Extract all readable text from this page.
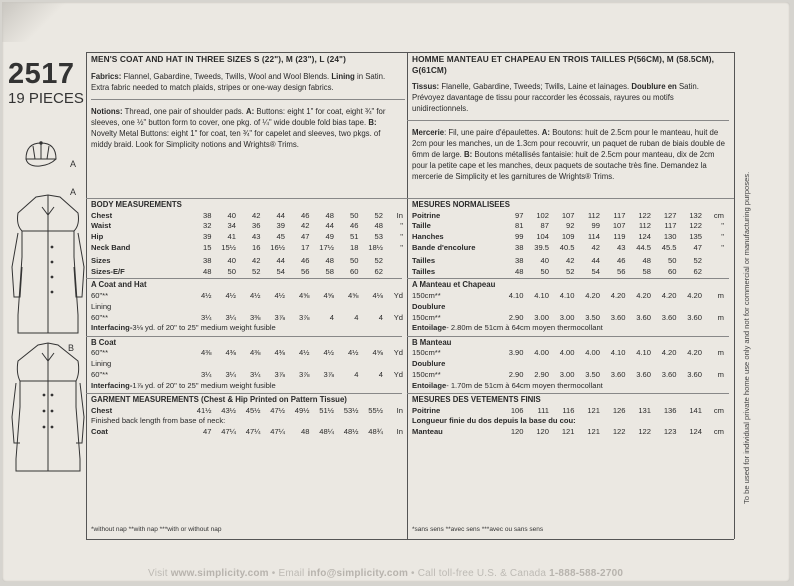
2517
19 PIECES
A
A
B
MEN'S COAT AND HAT IN THREE SIZES S (22"), M (23"), L (24")
Fabrics: Flannel, Gabardine, Tweeds, Twills, Wool and Wool Blends. Lining in Satin. Extra fabric needed to match plaids, stripes or one-way design fabrics.
Notions: Thread, one pair of shoulder pads. A: Buttons: eight 1" for coat, eight ¾" for sleeves, one ½" button form to cover, one pkg. of ¼" wide double fold bias tape. B: Novelty Metal Buttons: eight 1" for coat, ten ¾" for capelet and sleeves, two pkgs. of middy braid. Look for Simplicity notions and Wrights® Trims.
BODY MEASUREMENTS
Chest	38	40	42	44	46	48	50	52	In
Waist	32	34	36	39	42	44	46	48	"
Hip	39	41	43	45	47	49	51	53	"
Neck Band	15	15½	16	16½	17	17½	18	18½	"
Sizes	38	40	42	44	46	48	50	52	
Sizes-E/F	48	50	52	54	56	58	60	62	
A Coat and Hat
60"**	4½	4½	4½	4½	4⅝	4⅝	4⅝	4⅛	Yd
Lining									
60"**	3¼	3¼	3⅜	3⅞	3⅞	4	4	4	Yd
Interfacing-3⅛ yd. of 20" to 25" medium weight fusible
B Coat
60"**	4⅜	4⅜	4⅜	4⅜	4½	4½	4½	4⅝	Yd
Lining									
60"**	3¼	3¼	3¼	3⅞	3⅞	3⅞	4	4	Yd
Interfacing-1⅞ yd. of 20" to 25" medium weight fusible
GARMENT MEASUREMENTS (Chest & Hip Printed on Pattern Tissue)
Chest	41½	43½	45½	47½	49½	51½	53½	55½	In
Finished back length from base of neck:
Coat	47	47¼	47¼	47¼	48	48¼	48½	48¾	In
*without nap **with nap ***with or without nap
HOMME MANTEAU ET CHAPEAU EN TROIS TAILLES P(56CM), M (58.5CM), G(61CM)
Tissus: Flanelle, Gabardine, Tweeds; Twills, Laine et lainages. Doublure en Satin. Prévoyez davantage de tissu pour raccorder les écossais, rayures ou motifs unidirectionnels.
Mercerie: Fil, une paire d'épaulettes. A: Boutons: huit de 2.5cm pour le manteau, huit de 2cm pour les manches, un de 1.3cm pour recouvrir, un paquet de ruban de biais double de 6mm de large. B: Boutons métallisés fantaisie: huit de 2.5cm pour manteau, dix de 2cm pour la petite cape et les manches, deux paquets de soutache très fine. Demandez la mercerie de Simplicity et les garnitures de Wrights® Trims.
MESURES NORMALISEES
Poitrine	97	102	107	112	117	122	127	132	cm
Taille	81	87	92	99	107	112	117	122	"
Hanches	99	104	109	114	119	124	130	135	"
Bande d'encolure	38	39.5	40.5	42	43	44.5	45.5	47	"
Tailles	38	40	42	44	46	48	50	52	
Tailles	48	50	52	54	56	58	60	62	
A Manteau et Chapeau
150cm**	4.10	4.10	4.10	4.20	4.20	4.20	4.20	4.20	m
Doublure									
150cm**	2.90	3.00	3.00	3.50	3.60	3.60	3.60	3.60	m
Entoilage- 2.80m de 51cm à 64cm moyen thermocollant
B Manteau
150cm**	3.90	4.00	4.00	4.00	4.10	4.10	4.20	4.20	m
Doublure									
150cm**	2.90	2.90	3.00	3.50	3.60	3.60	3.60	3.60	m
Entoilage- 1.70m de 51cm à 64cm moyen thermocollant
MESURES DES VETEMENTS FINIS
Poitrine	106	111	116	121	126	131	136	141	cm
Longueur finie du dos depuis la base du cou:
Manteau	120	120	121	121	122	122	123	124	cm
*sans sens **avec sens ***avec ou sans sens
To be used for individual private home use only and not for commercial or manufacturing purposes.
Visit www.simplicity.com • Email info@simplicity.com • Call toll-free U.S. & Canada 1-888-588-2700
